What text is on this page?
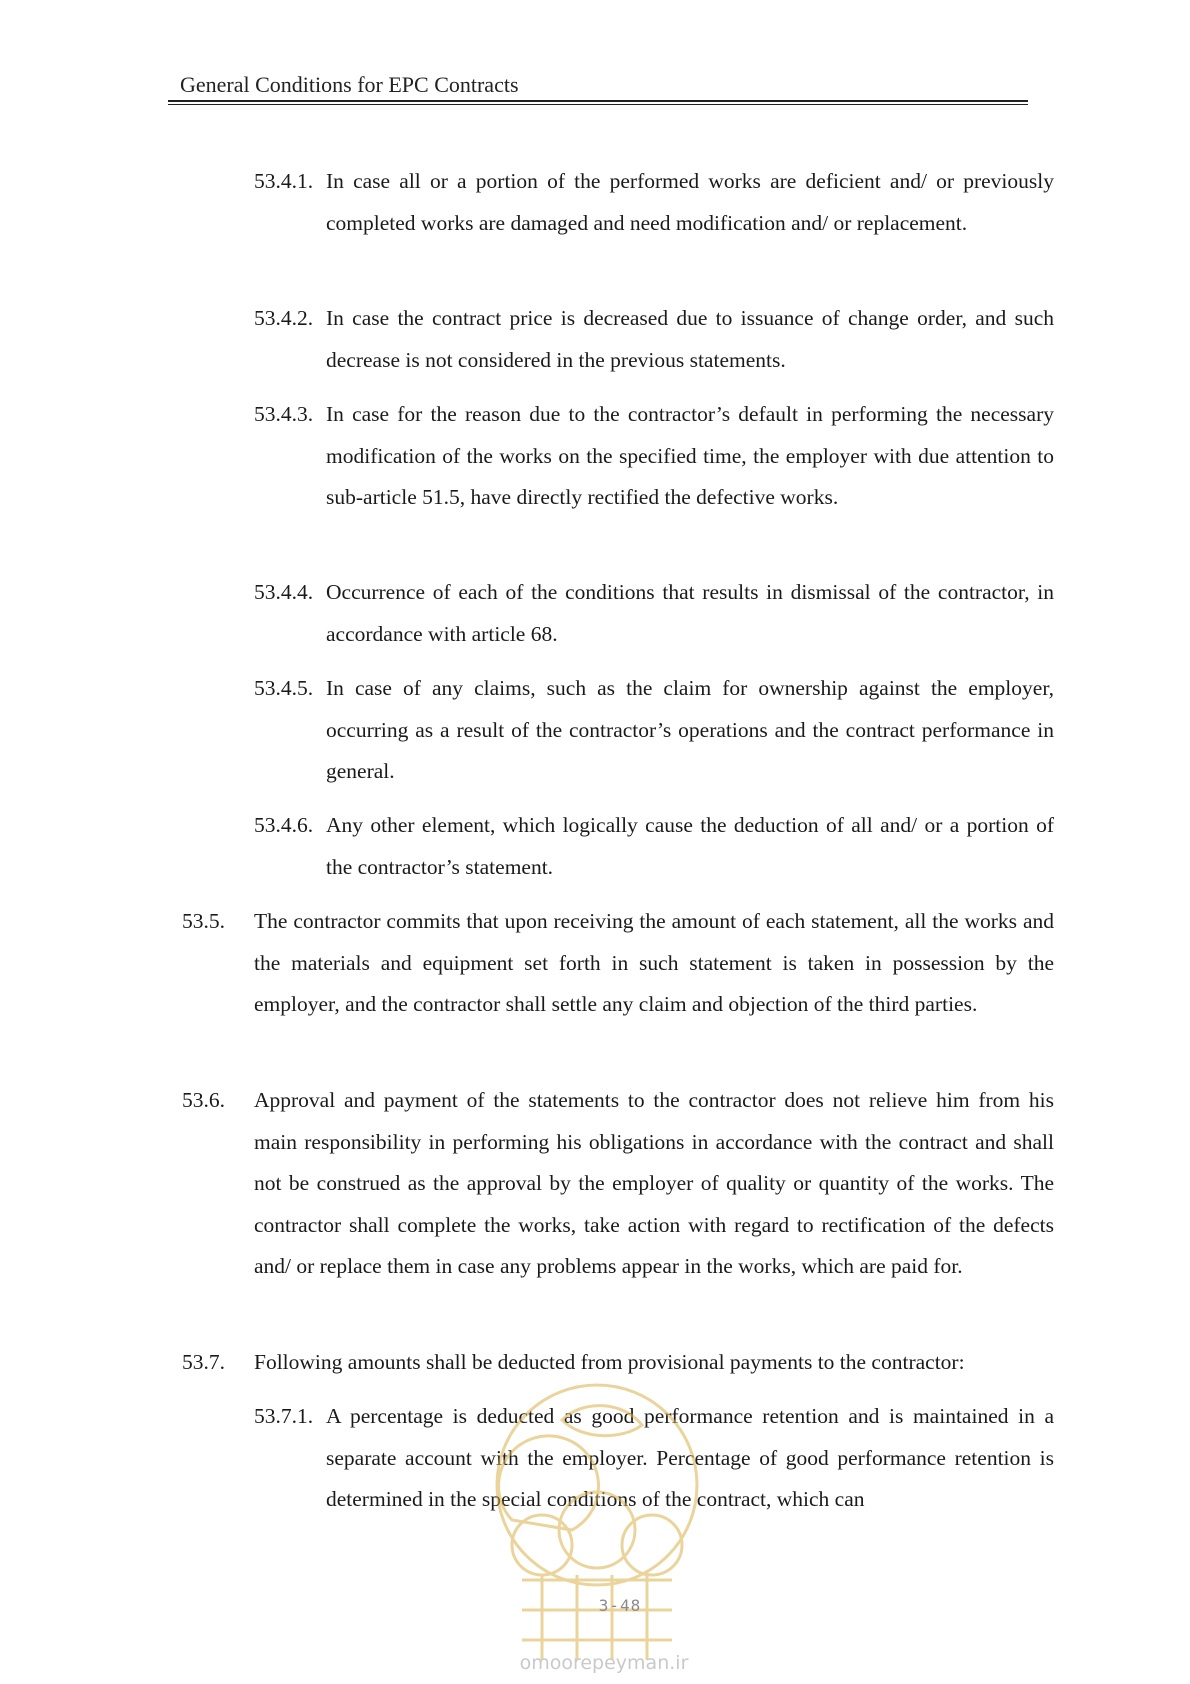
General Conditions for EPC Contracts
53.4.1. In case all or a portion of the performed works are deficient and/ or previously completed works are damaged and need modification and/ or replacement.
53.4.2. In case the contract price is decreased due to issuance of change order, and such decrease is not considered in the previous statements.
53.4.3. In case for the reason due to the contractor’s default in performing the necessary modification of the works on the specified time, the employer with due attention to sub-article 51.5, have directly rectified the defective works.
53.4.4. Occurrence of each of the conditions that results in dismissal of the contractor, in accordance with article 68.
53.4.5. In case of any claims, such as the claim for ownership against the employer, occurring as a result of the contractor’s operations and the contract performance in general.
53.4.6. Any other element, which logically cause the deduction of all and/ or a portion of the contractor’s statement.
53.5. The contractor commits that upon receiving the amount of each statement, all the works and the materials and equipment set forth in such statement is taken in possession by the employer, and the contractor shall settle any claim and objection of the third parties.
53.6. Approval and payment of the statements to the contractor does not relieve him from his main responsibility in performing his obligations in accordance with the contract and shall not be construed as the approval by the employer of quality or quantity of the works. The contractor shall complete the works, take action with regard to rectification of the defects and/ or replace them in case any problems appear in the works, which are paid for.
53.7. Following amounts shall be deducted from provisional payments to the contractor:
53.7.1. A percentage is deducted as good performance retention and is maintained in a separate account with the employer. Percentage of good performance retention is determined in the special conditions of the contract, which can
3-48
omoorepeyman.ir
